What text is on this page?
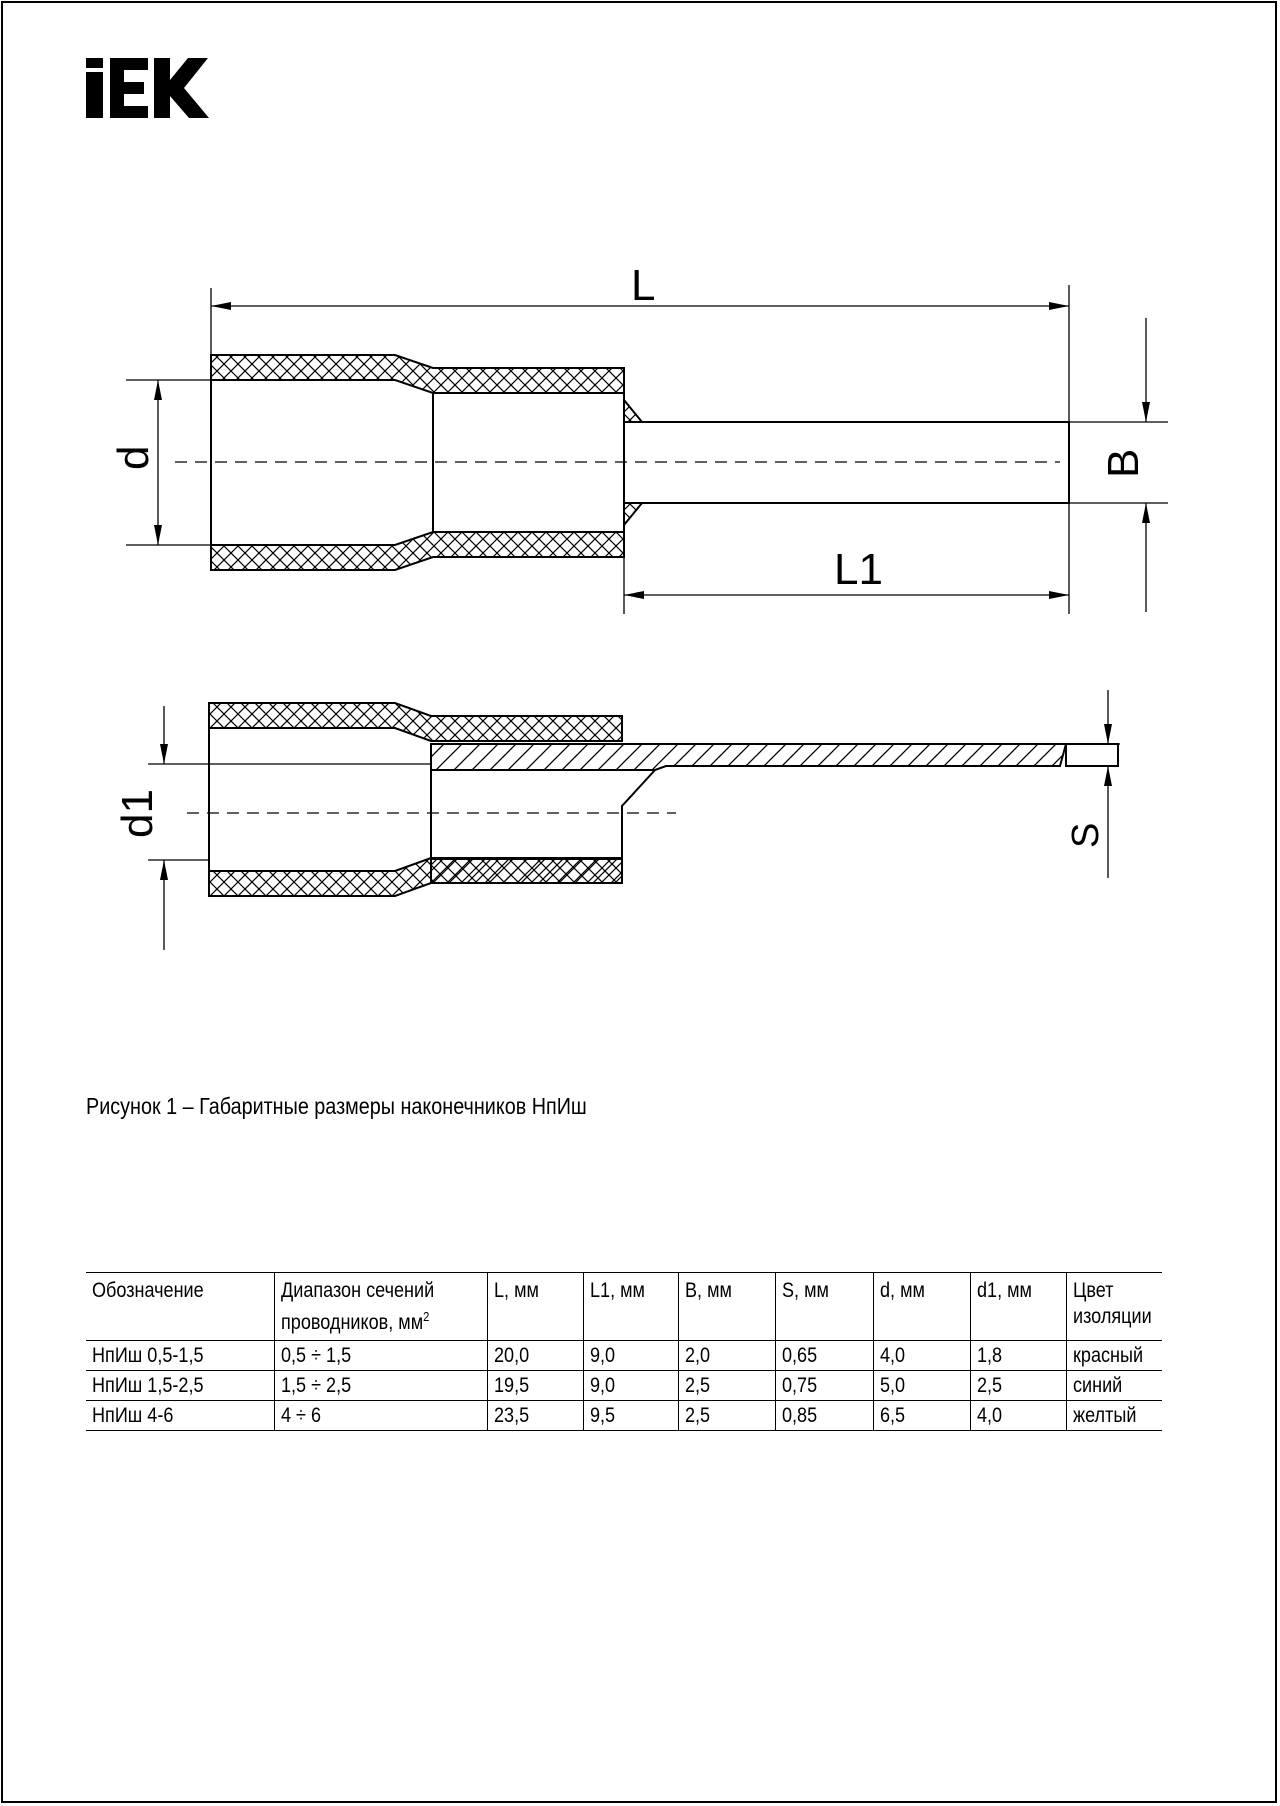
L
L1
d	B
d1	S
Рисунок 1 – Габаритные размеры наконечников НпИш
Обозначение	Диапазон сечений проводников, $мм^2$	L, мм	L1, мм	B, мм	S, мм	d, мм	d1, мм	Цвет изоляции
НпИш 0,5-1,5	0,5 ÷ 1,5	20,0	9,0	2,0	0,65	4,0	1,8	красный
НпИш 1,5-2,5	1,5 ÷ 2,5	19,5	9,0	2,5	0,75	5,0	2,5	синий
НпИш 4-6	4 ÷ 6	23,5	9,5	2,5	0,85	6,5	4,0	желтый
